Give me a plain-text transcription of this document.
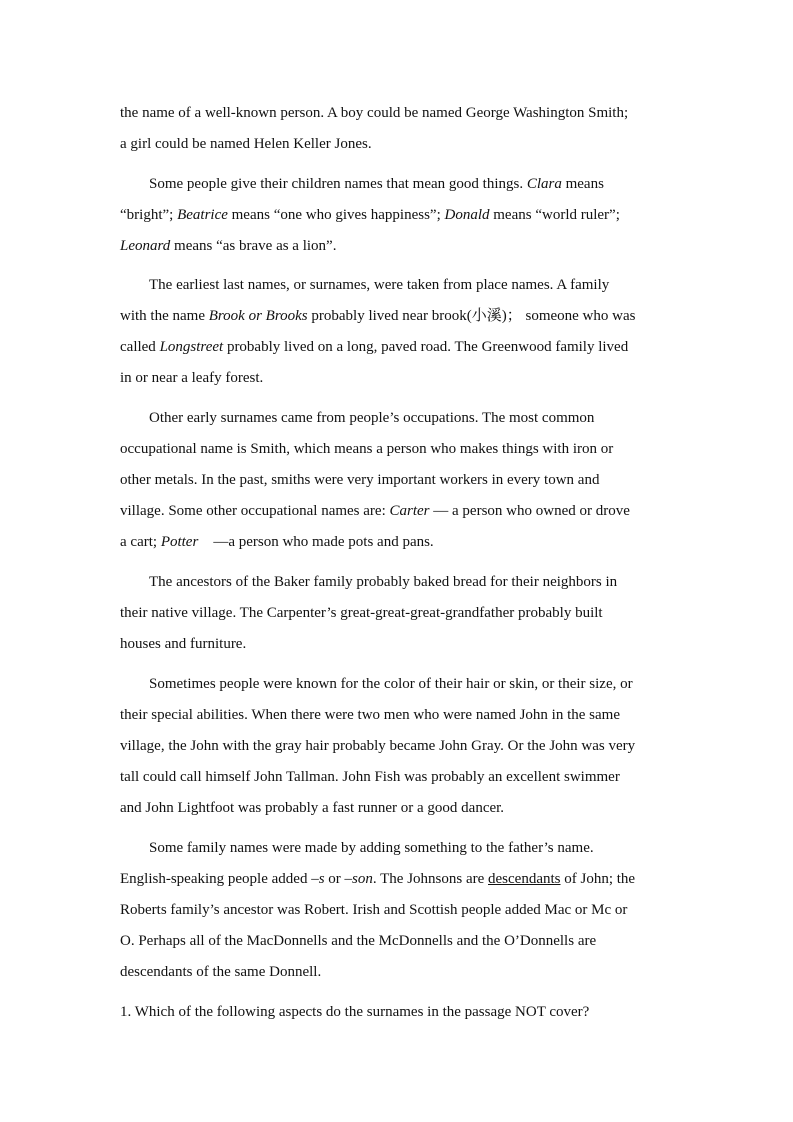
the name of a well-known person. A boy could be named George Washington Smith;
a girl could be named Helen Keller Jones.
Some people give their children names that mean good things. Clara means
“bright”; Beatrice means “one who gives happiness”; Donald means “world ruler”;
Leonard means “as brave as a lion”.
The earliest last names, or surnames, were taken from place names. A family
with the name Brook or Brooks probably lived near brook(小溪)； someone who was
called Longstreet probably lived on a long, paved road. The Greenwood family lived
in or near a leafy forest.
Other early surnames came from people’s occupations. The most common
occupational name is Smith, which means a person who makes things with iron or
other metals. In the past, smiths were very important workers in every town and
village. Some other occupational names are: Carter — a person who owned or drove
a cart; Potter    —a person who made pots and pans.
The ancestors of the Baker family probably baked bread for their neighbors in
their native village. The Carpenter’s great-great-great-grandfather probably built
houses and furniture.
Sometimes people were known for the color of their hair or skin, or their size, or
their special abilities. When there were two men who were named John in the same
village, the John with the gray hair probably became John Gray. Or the John was very
tall could call himself John Tallman. John Fish was probably an excellent swimmer
and John Lightfoot was probably a fast runner or a good dancer.
Some family names were made by adding something to the father’s name.
English-speaking people added –s or –son. The Johnsons are descendants of John; the
Roberts family’s ancestor was Robert. Irish and Scottish people added Mac or Mc or
O. Perhaps all of the MacDonnells and the McDonnells and the O’Donnells are
descendants of the same Donnell.
1. Which of the following aspects do the surnames in the passage NOT cover?
